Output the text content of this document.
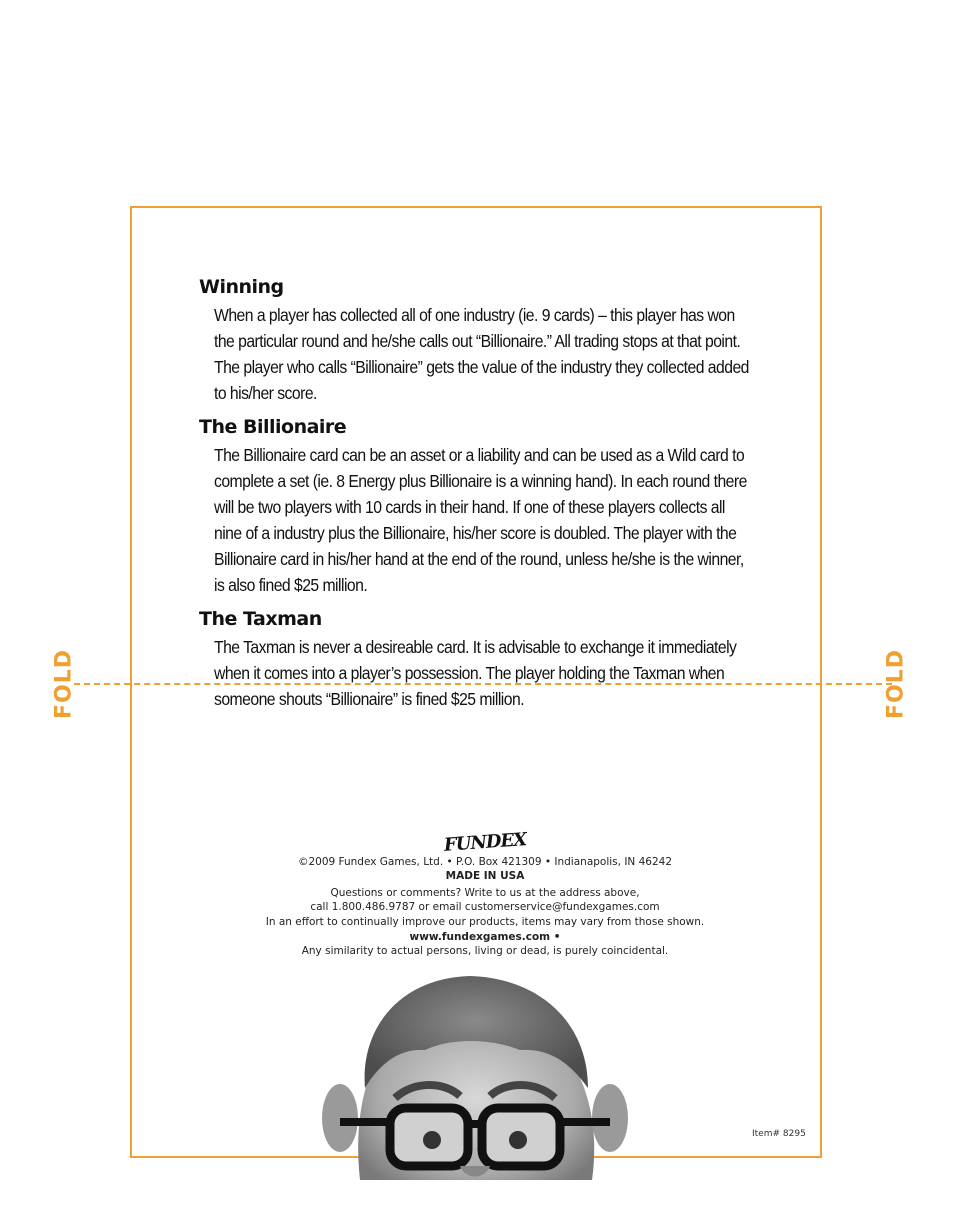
FOLD	FOLD
Winning

When a player has collected all of one industry (ie. 9 cards) – this player has won the particular round and he/she calls out “Billionaire.” All trading stops at that point. The player who calls “Billionaire” gets the value of the industry they collected added to his/her score.

The Billionaire

The Billionaire card can be an asset or a liability and can be used as a Wild card to complete a set (ie. 8 Energy plus Billionaire is a winning hand). In each round there will be two players with 10 cards in their hand. If one of these players collects all nine of a industry plus the Billionaire, his/her score is doubled. The player with the Billionaire card in his/her hand at the end of the round, unless he/she is the winner, is also fined $25 million.

The Taxman

The Taxman is never a desireable card. It is advisable to exchange it immediately when it comes into a player’s possession. The player holding the Taxman when someone shouts “Billionaire” is fined $25 million.

FUNDEX
©2009 Fundex Games, Ltd. • P.O. Box 421309 • Indianapolis, IN 46242
MADE IN USA
Questions or comments? Write to us at the address above,
call 1.800.486.9787 or email customerservice@fundexgames.com
In an effort to continually improve our products, items may vary from those shown.
www.fundexgames.com •
Any similarity to actual persons, living or dead, is purely coincidental.
Item# 8295
